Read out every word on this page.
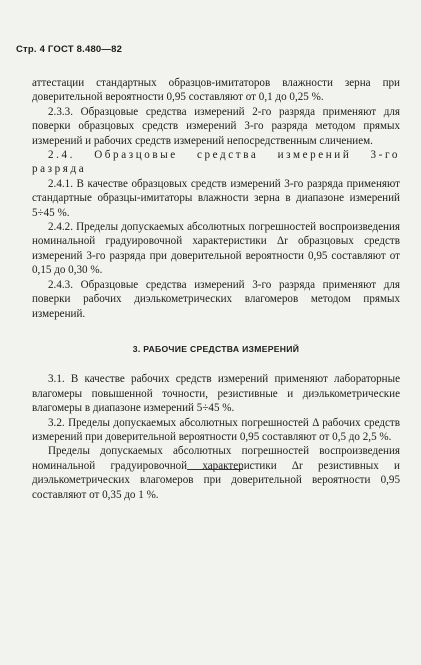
Стр. 4 ГОСТ 8.480—82

аттестации стандартных образцов-имитаторов влажности зерна при доверительной вероятности 0,95 составляют от 0,1 до 0,25 %.

2.3.3. Образцовые средства измерений 2-го разряда применяют для поверки образцовых средств измерений 3-го разряда методом прямых измерений и рабочих средств измерений непосредственным сличением.

2.4. Образцовые средства измерений 3-го разряда

2.4.1. В качестве образцовых средств измерений 3-го разряда применяют стандартные образцы-имитаторы влажности зерна в диапазоне измерений 5÷45 %.

2.4.2. Пределы допускаемых абсолютных погрешностей воспроизведения номинальной градуировочной характеристики Δr образцовых средств измерений 3-го разряда при доверительной вероятности 0,95 составляют от 0,15 до 0,30 %.

2.4.3. Образцовые средства измерений 3-го разряда применяют для поверки рабочих диэлькометрических влагомеров методом прямых измерений.

3. РАБОЧИЕ СРЕДСТВА ИЗМЕРЕНИЙ

3.1. В качестве рабочих средств измерений применяют лабораторные влагомеры повышенной точности, резистивные и диэлькометрические влагомеры в диапазоне измерений 5÷45 %.

3.2. Пределы допускаемых абсолютных погрешностей Δ рабочих средств измерений при доверительной вероятности 0,95 составляют от 0,5 до 2,5 %.

Пределы допускаемых абсолютных погрешностей воспроизведения номинальной градуировочной характеристики Δr резистивных и диэлькометрических влагомеров при доверительной вероятности 0,95 составляют от 0,35 до 1 %.
